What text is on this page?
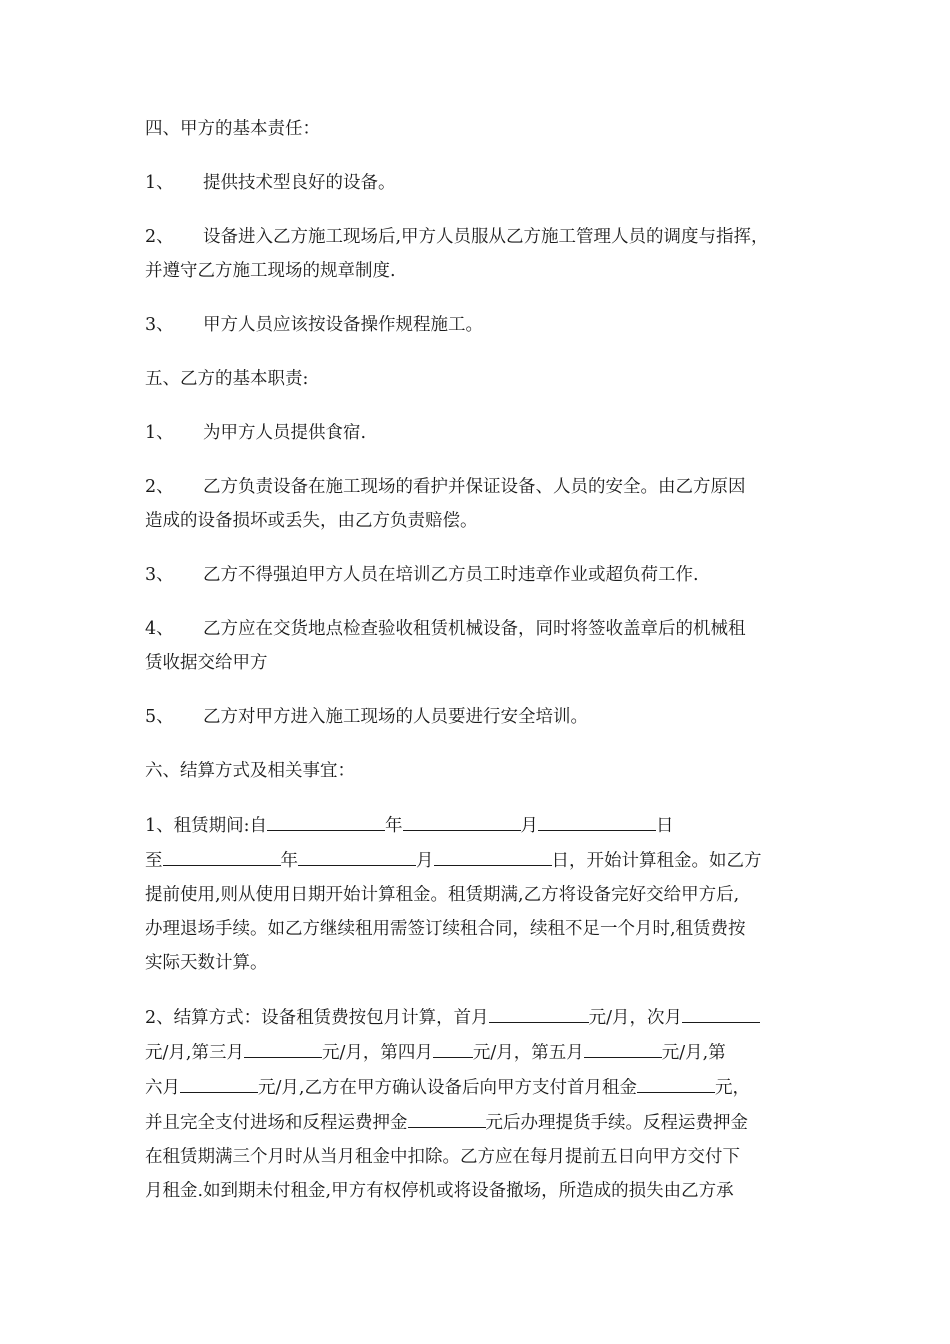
四、甲方的基本责任：

1、 提供技术型良好的设备。

2、 设备进入乙方施工现场后,甲方人员服从乙方施工管理人员的调度与指挥，
并遵守乙方施工现场的规章制度.

3、 甲方人员应该按设备操作规程施工。

五、乙方的基本职责:

1、 为甲方人员提供食宿.

2、 乙方负责设备在施工现场的看护并保证设备、人员的安全。由乙方原因
造成的设备损坏或丢失，由乙方负责赔偿。

3、 乙方不得强迫甲方人员在培训乙方员工时违章作业或超负荷工作.

4、 乙方应在交货地点检查验收租赁机械设备，同时将签收盖章后的机械租
赁收据交给甲方

5、 乙方对甲方进入施工现场的人员要进行安全培训。

六、结算方式及相关事宜：

1、租赁期间:自	年	月	日
至	年	月	日，开始计算租金。如乙方
提前使用,则从使用日期开始计算租金。租赁期满,乙方将设备完好交给甲方后,
办理退场手续。如乙方继续租用需签订续租合同，续租不足一个月时,租赁费按
实际天数计算。

2、结算方式：设备租赁费按包月计算，首月	元/月，次月
元/月,第三月	元/月，第四月 元/月，第五月	元/月,第
六月	元/月,乙方在甲方确认设备后向甲方支付首月租金	元，
并且完全支付进场和反程运费押金	元后办理提货手续。反程运费押金
在租赁期满三个月时从当月租金中扣除。乙方应在每月提前五日向甲方交付下
月租金.如到期未付租金,甲方有权停机或将设备撤场，所造成的损失由乙方承
